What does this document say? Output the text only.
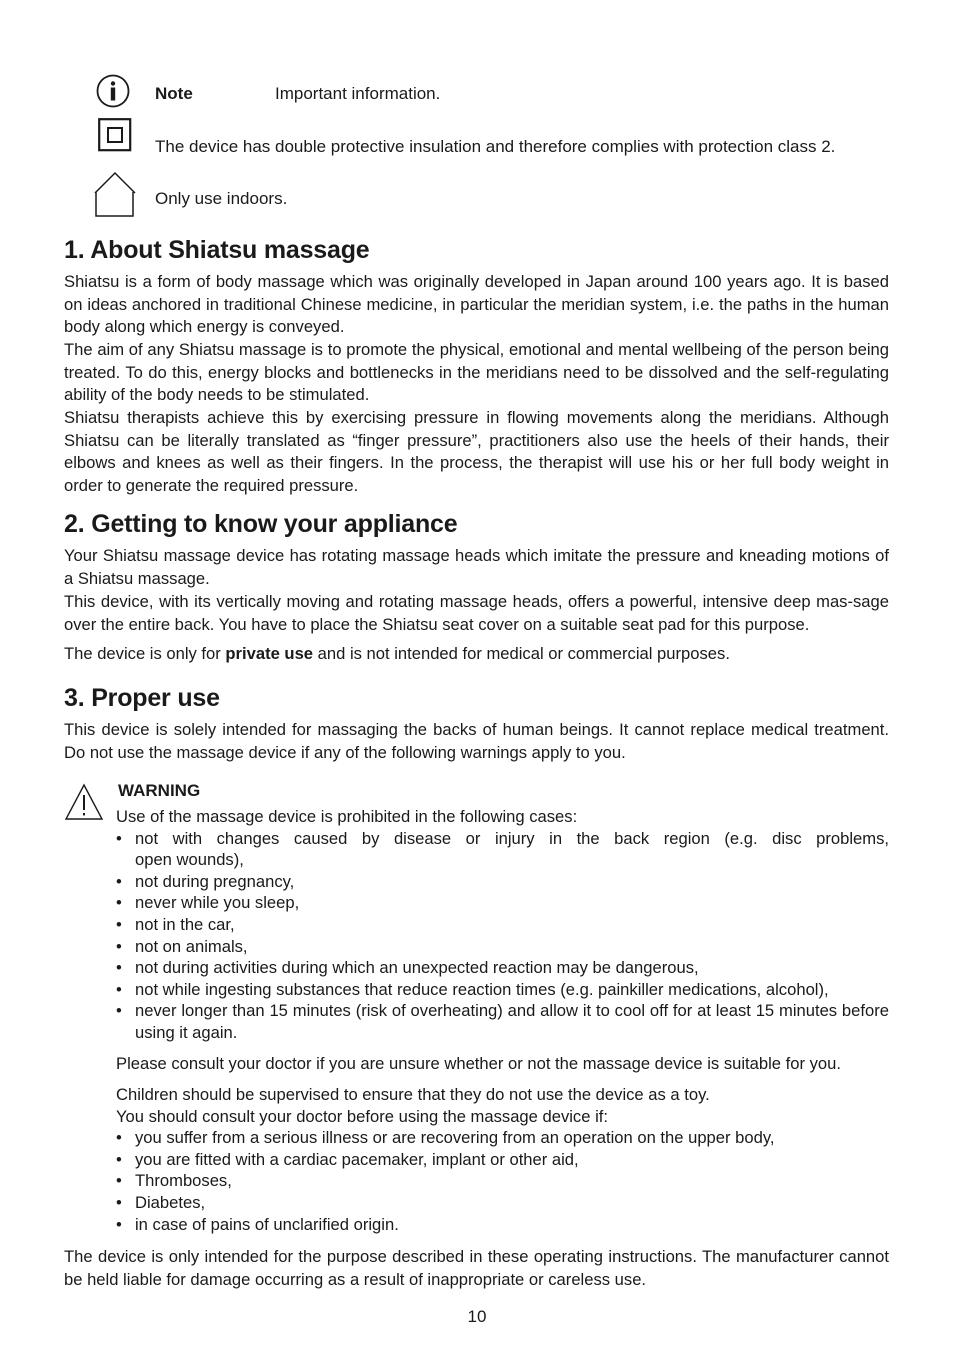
Note	Important information.
The device has double protective insulation and therefore complies with protection class 2.
Only use indoors.
1. About Shiatsu massage

Shiatsu is a form of body massage which was originally developed in Japan around 100 years ago. It is based on ideas anchored in traditional Chinese medicine, in particular the meridian system, i.e. the paths in the human body along which energy is conveyed.

The aim of any Shiatsu massage is to promote the physical, emotional and mental wellbeing of the person being treated. To do this, energy blocks and bottlenecks in the meridians need to be dissolved and the self-regulating ability of the body needs to be stimulated.

Shiatsu therapists achieve this by exercising pressure in flowing movements along the meridians. Although Shiatsu can be literally translated as “finger pressure”, practitioners also use the heels of their hands, their elbows and knees as well as their fingers. In the process, the therapist will use his or her full body weight in order to generate the required pressure.

2. Getting to know your appliance

Your Shiatsu massage device has rotating massage heads which imitate the pressure and kneading motions of a Shiatsu massage.

This device, with its vertically moving and rotating massage heads, offers a powerful, intensive deep mas-sage over the entire back. You have to place the Shiatsu seat cover on a suitable seat pad for this purpose.

The device is only for private use and is not intended for medical or commercial purposes.

3. Proper use

This device is solely intended for massaging the backs of human beings. It cannot replace medical treatment. Do not use the massage device if any of the following warnings apply to you.

WARNING
Use of the massage device is prohibited in the following cases:
• not with changes caused by disease or injury in the back region (e.g. disc problems,
open wounds),
• not during pregnancy,
• never while you sleep,
• not in the car,
• not on animals,
• not during activities during which an unexpected reaction may be dangerous,
• not while ingesting substances that reduce reaction times (e.g. painkiller medications, alcohol),
• never longer than 15 minutes (risk of overheating) and allow it to cool off for at least 15 minutes before using it again.
Please consult your doctor if you are unsure whether or not the massage device is suitable for you.
Children should be supervised to ensure that they do not use the device as a toy.
You should consult your doctor before using the massage device if:
• you suffer from a serious illness or are recovering from an operation on the upper body,
• you are fitted with a cardiac pacemaker, implant or other aid,
• Thromboses,
• Diabetes,
• in case of pains of unclarified origin.

The device is only intended for the purpose described in these operating instructions. The manufacturer cannot be held liable for damage occurring as a result of inappropriate or careless use.

10
